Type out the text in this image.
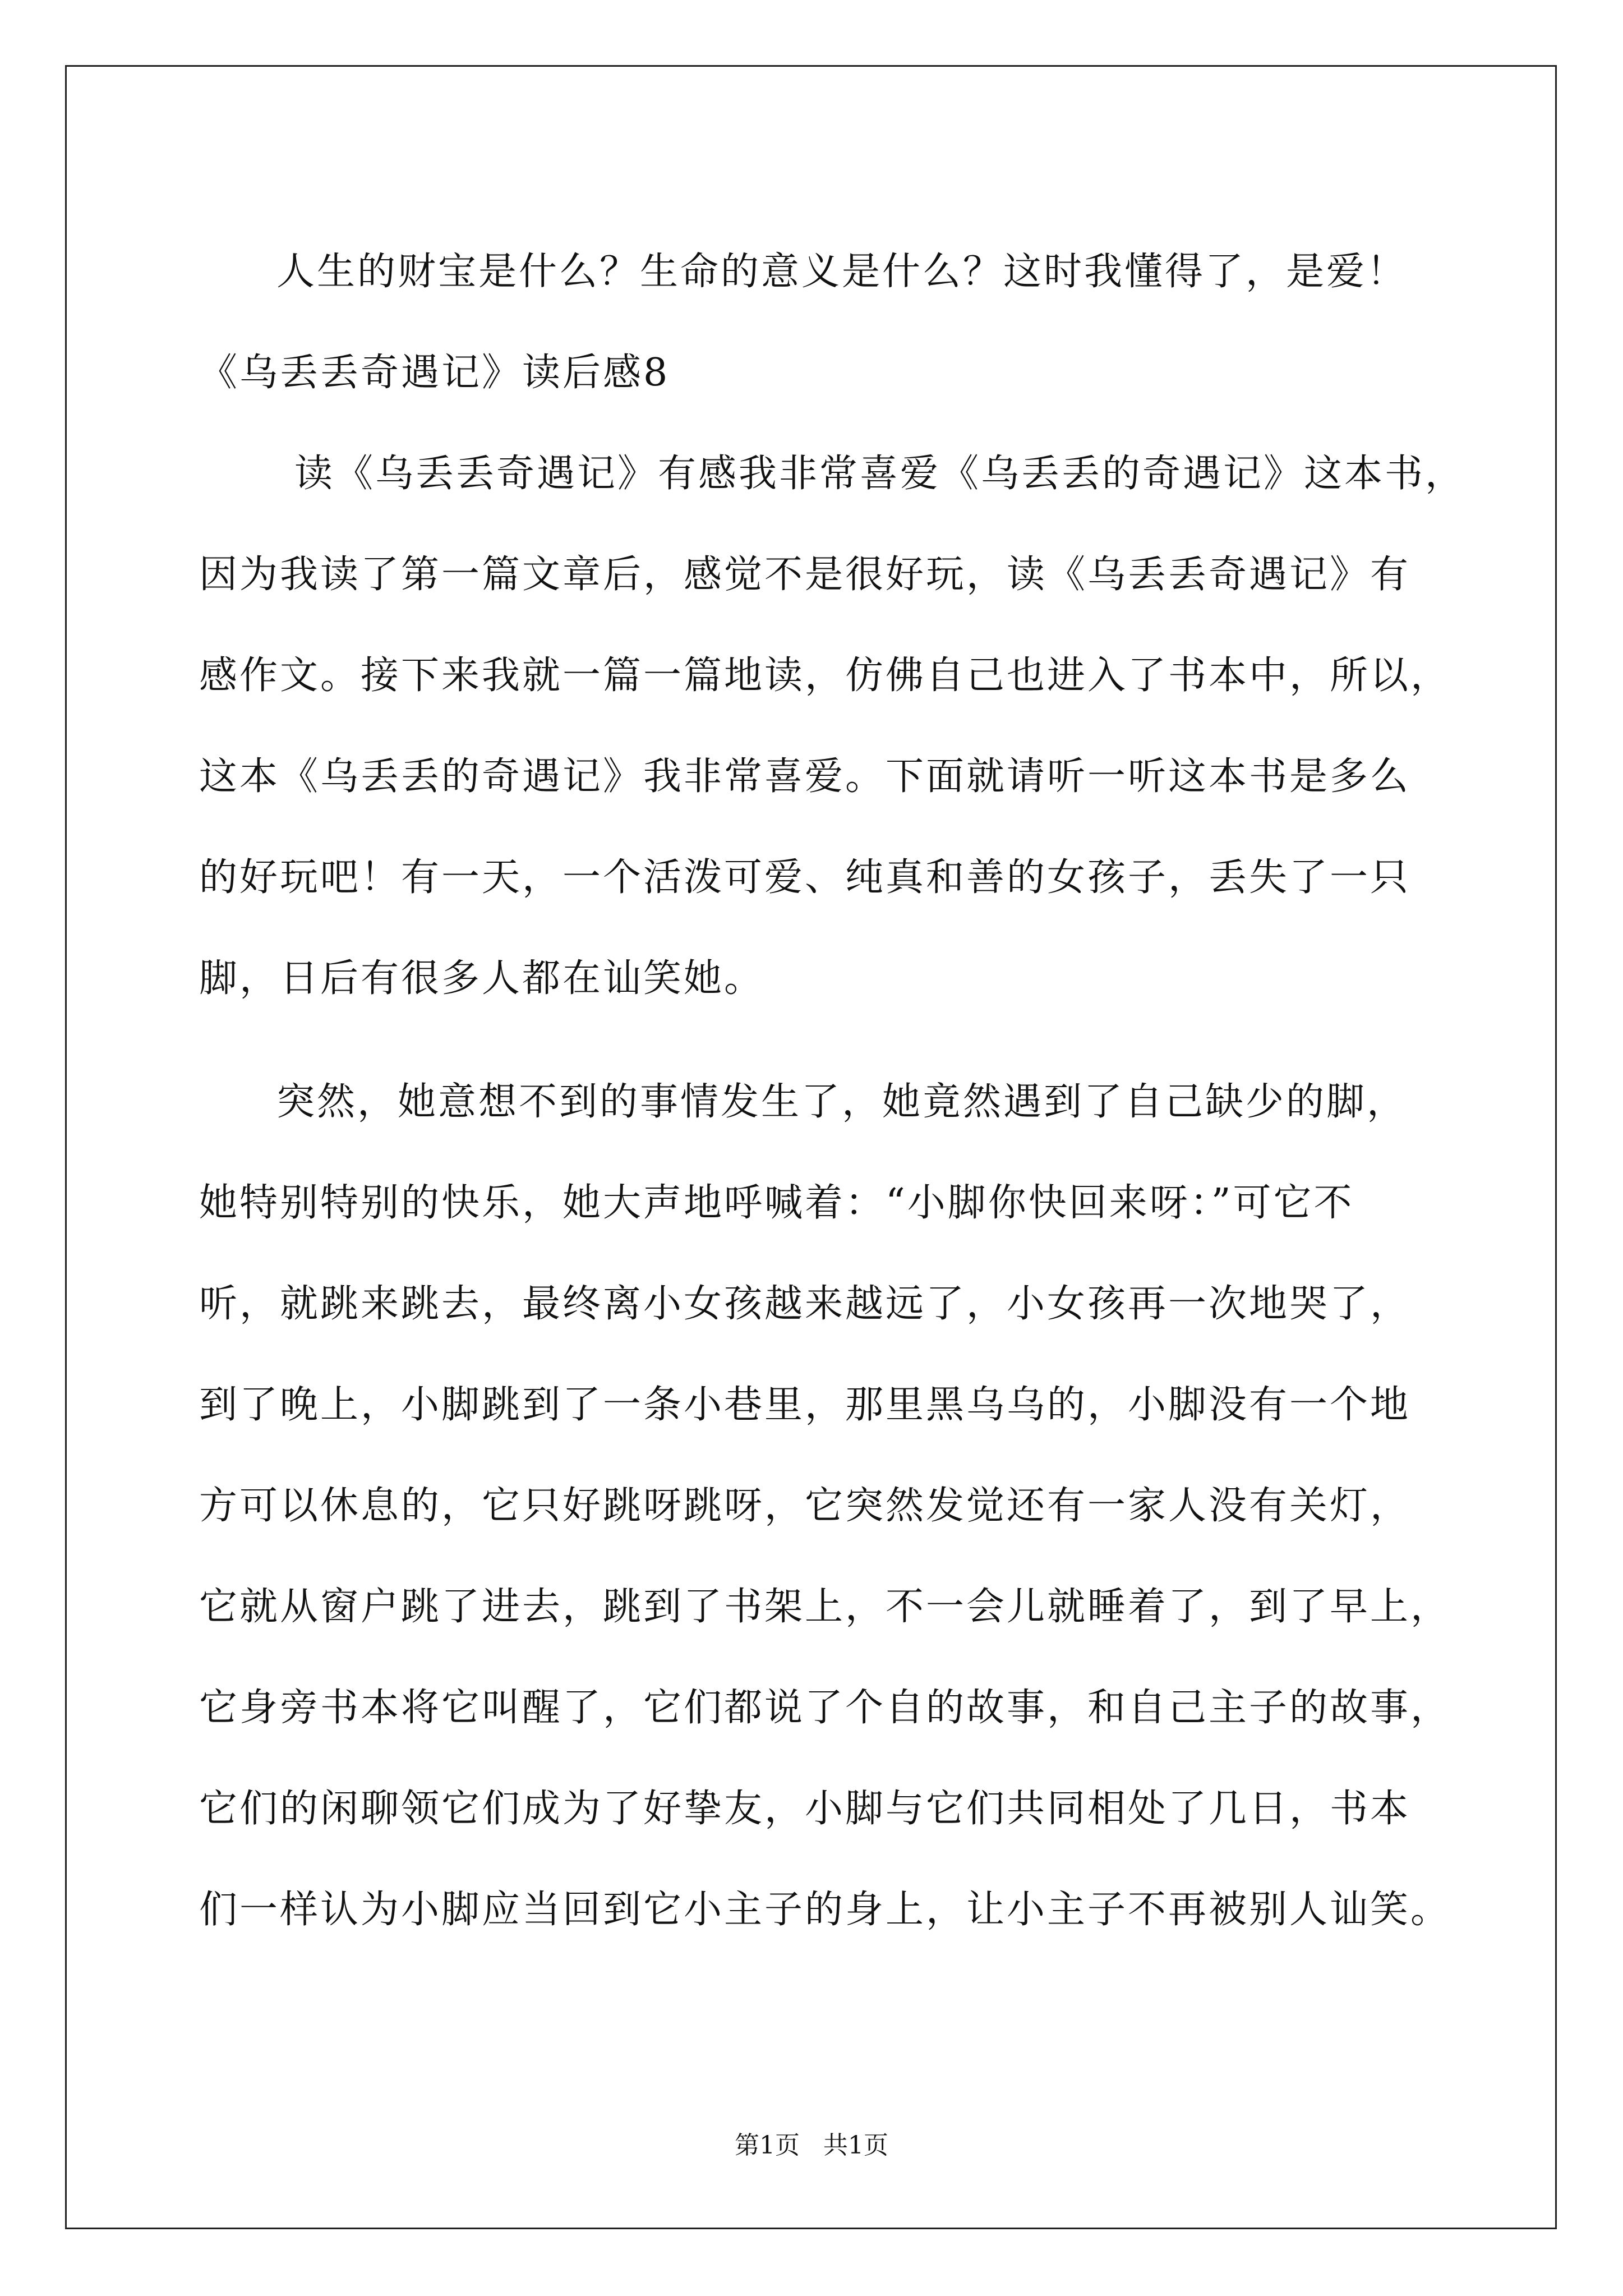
人生的财宝是什么？生命的意义是什么？这时我懂得了，是爱！
《乌丢丢奇遇记》读后感8
读《乌丢丢奇遇记》有感我非常喜爱《乌丢丢的奇遇记》这本书，
因为我读了第一篇文章后，感觉不是很好玩，读《乌丢丢奇遇记》有
感作文。接下来我就一篇一篇地读，仿佛自己也进入了书本中，所以，
这本《乌丢丢的奇遇记》我非常喜爱。下面就请听一听这本书是多么
的好玩吧！有一天，一个活泼可爱、纯真和善的女孩子，丢失了一只
脚，日后有很多人都在讪笑她。
突然，她意想不到的事情发生了，她竟然遇到了自己缺少的脚，
她特别特别的快乐，她大声地呼喊着：“小脚你快回来呀：”可它不
听，就跳来跳去，最终离小女孩越来越远了，小女孩再一次地哭了，
到了晚上，小脚跳到了一条小巷里，那里黑乌乌的，小脚没有一个地
方可以休息的，它只好跳呀跳呀，它突然发觉还有一家人没有关灯，
它就从窗户跳了进去，跳到了书架上，不一会儿就睡着了，到了早上，
它身旁书本将它叫醒了，它们都说了个自的故事，和自己主子的故事，
它们的闲聊领它们成为了好挚友，小脚与它们共同相处了几日，书本
们一样认为小脚应当回到它小主子的身上，让小主子不再被别人讪笑。
第1页   共1页
